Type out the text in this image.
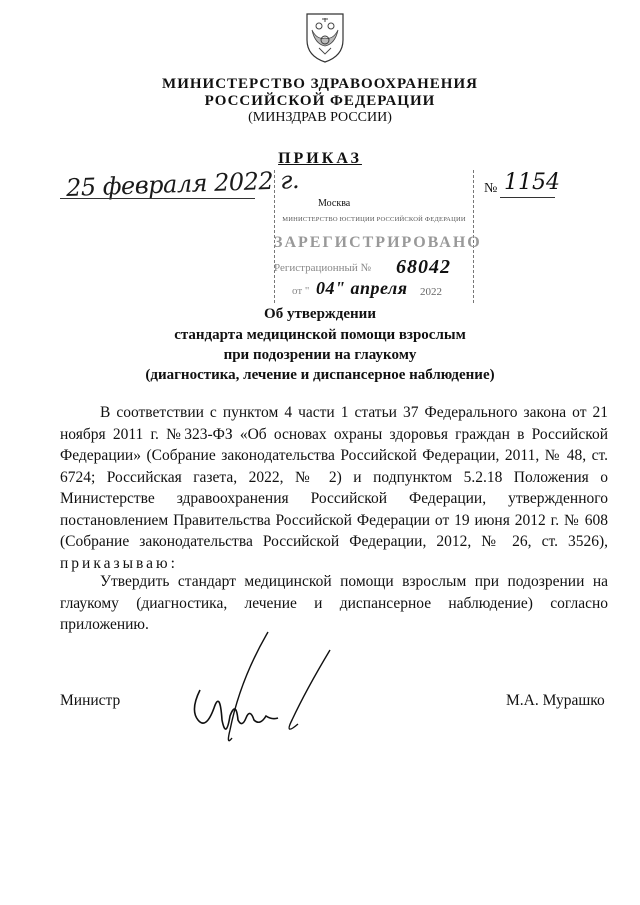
МИНИСТЕРСТВО ЗДРАВООХРАНЕНИЯ
РОССИЙСКОЙ ФЕДЕРАЦИИ
(МИНЗДРАВ РОССИИ)
ПРИКАЗ
25 февраля 2022 г.	№ 1154
Москва
МИНИСТЕРСТВО ЮСТИЦИИ РОССИЙСКОЙ ФЕДЕРАЦИИ
ЗАРЕГИСТРИРОВАНО
Регистрационный № 68042
от " 04" апреля 2022
Об утверждении
стандарта медицинской помощи взрослым
при подозрении на глаукому
(диагностика, лечение и диспансерное наблюдение)
В соответствии с пунктом 4 части 1 статьи 37 Федерального закона от 21 ноября 2011 г. №323-ФЗ «Об основах охраны здоровья граждан в Российской Федерации» (Собрание законодательства Российской Федерации, 2011, № 48, ст. 6724; Российская газета, 2022, № 2) и подпунктом 5.2.18 Положения о Министерстве здравоохранения Российской Федерации, утвержденного постановлением Правительства Российской Федерации от 19 июня 2012 г. № 608 (Собрание законодательства Российской Федерации, 2012, № 26, ст. 3526), приказываю:
Утвердить стандарт медицинской помощи взрослым при подозрении на глаукому (диагностика, лечение и диспансерное наблюдение) согласно приложению.
Министр	М.А. Мурашко
